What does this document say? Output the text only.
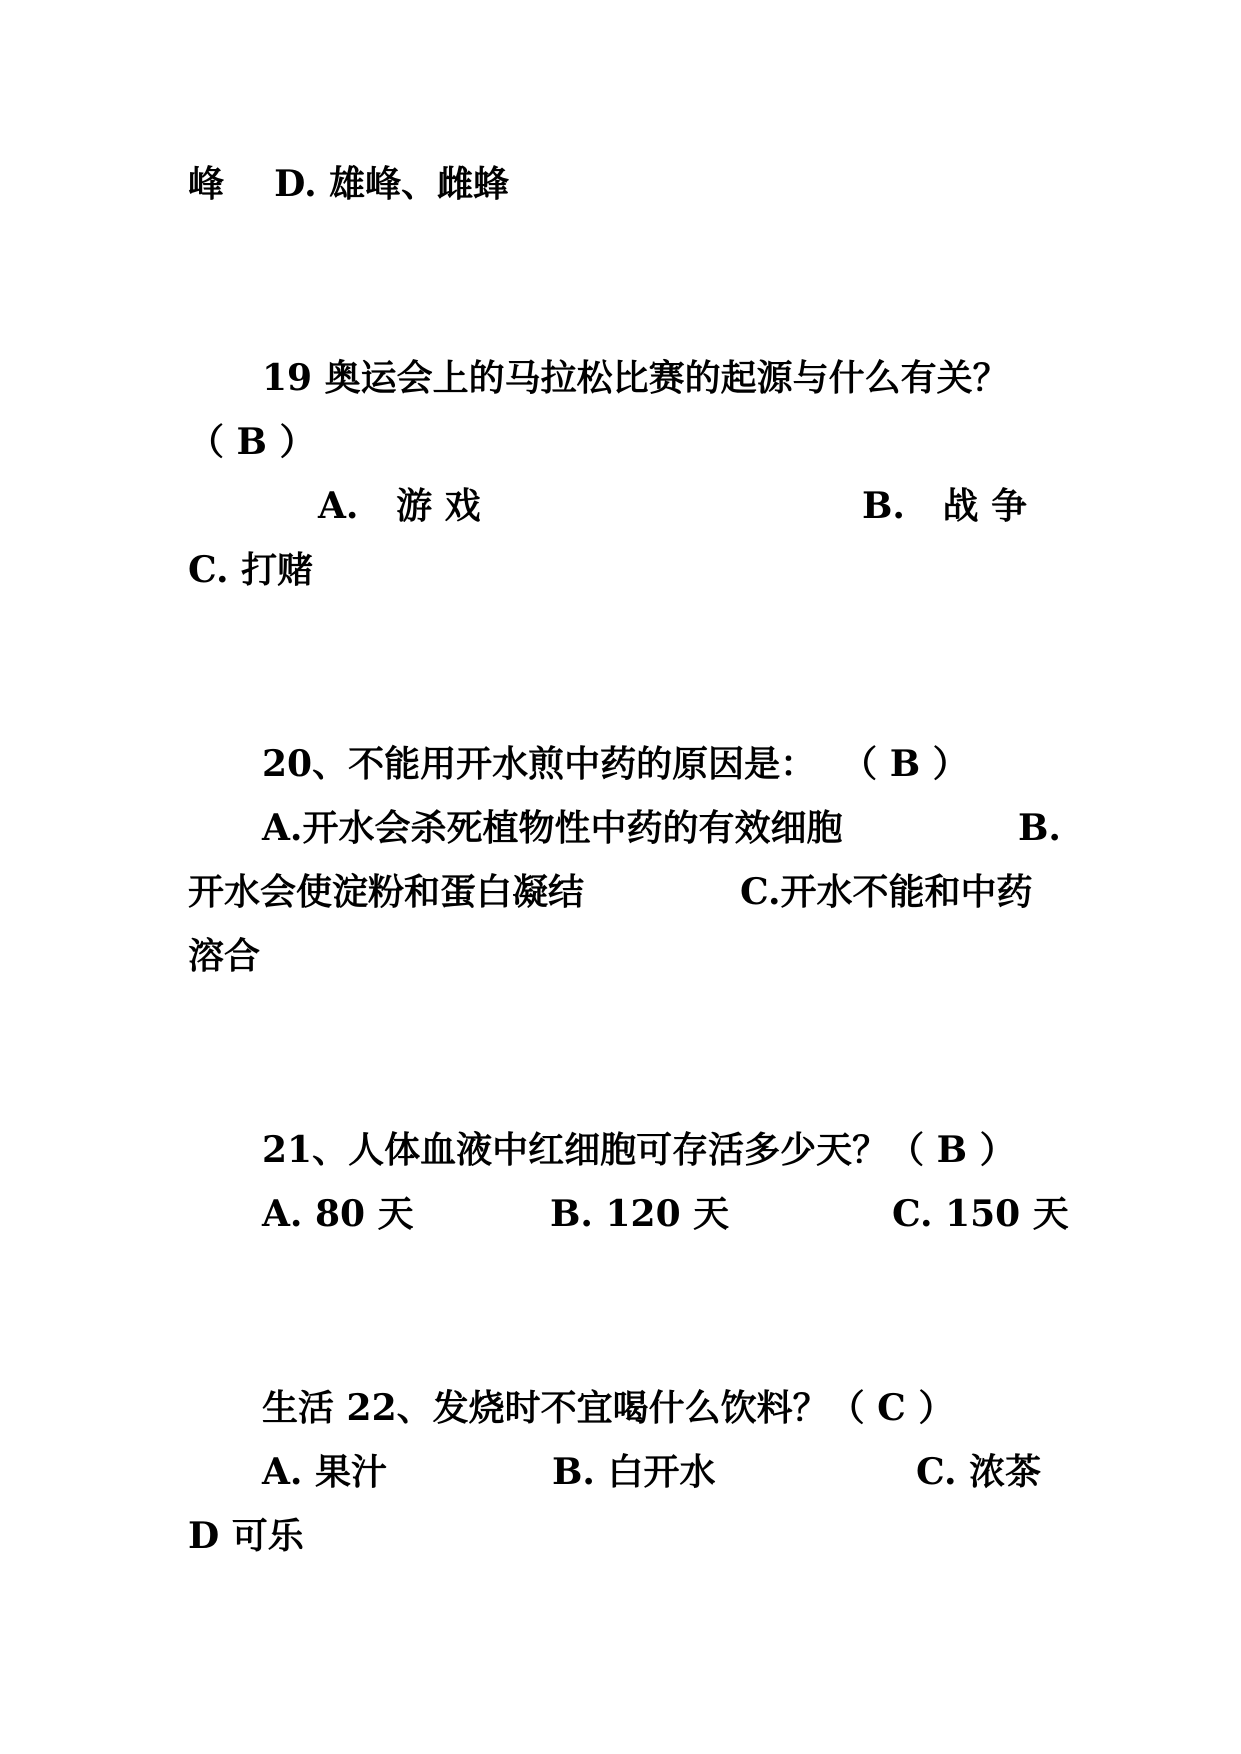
峰    D. 雄峰、雌蜂
19 奥运会上的马拉松比赛的起源与什么有关？
（ B ）
A.   游 戏	B.   战 争
C. 打赌
20、不能用开水煎中药的原因是：  （ B ）
A.开水会杀死植物性中药的有效细胞	B.
开水会使淀粉和蛋白凝结	C.开水不能和中药
溶合
21、人体血液中红细胞可存活多少天？（ B ）
A. 80 天	B. 120 天	C. 150 天
生活 22、发烧时不宜喝什么饮料？（ C ）
A. 果汁	B. 白开水	C. 浓茶
D 可乐
